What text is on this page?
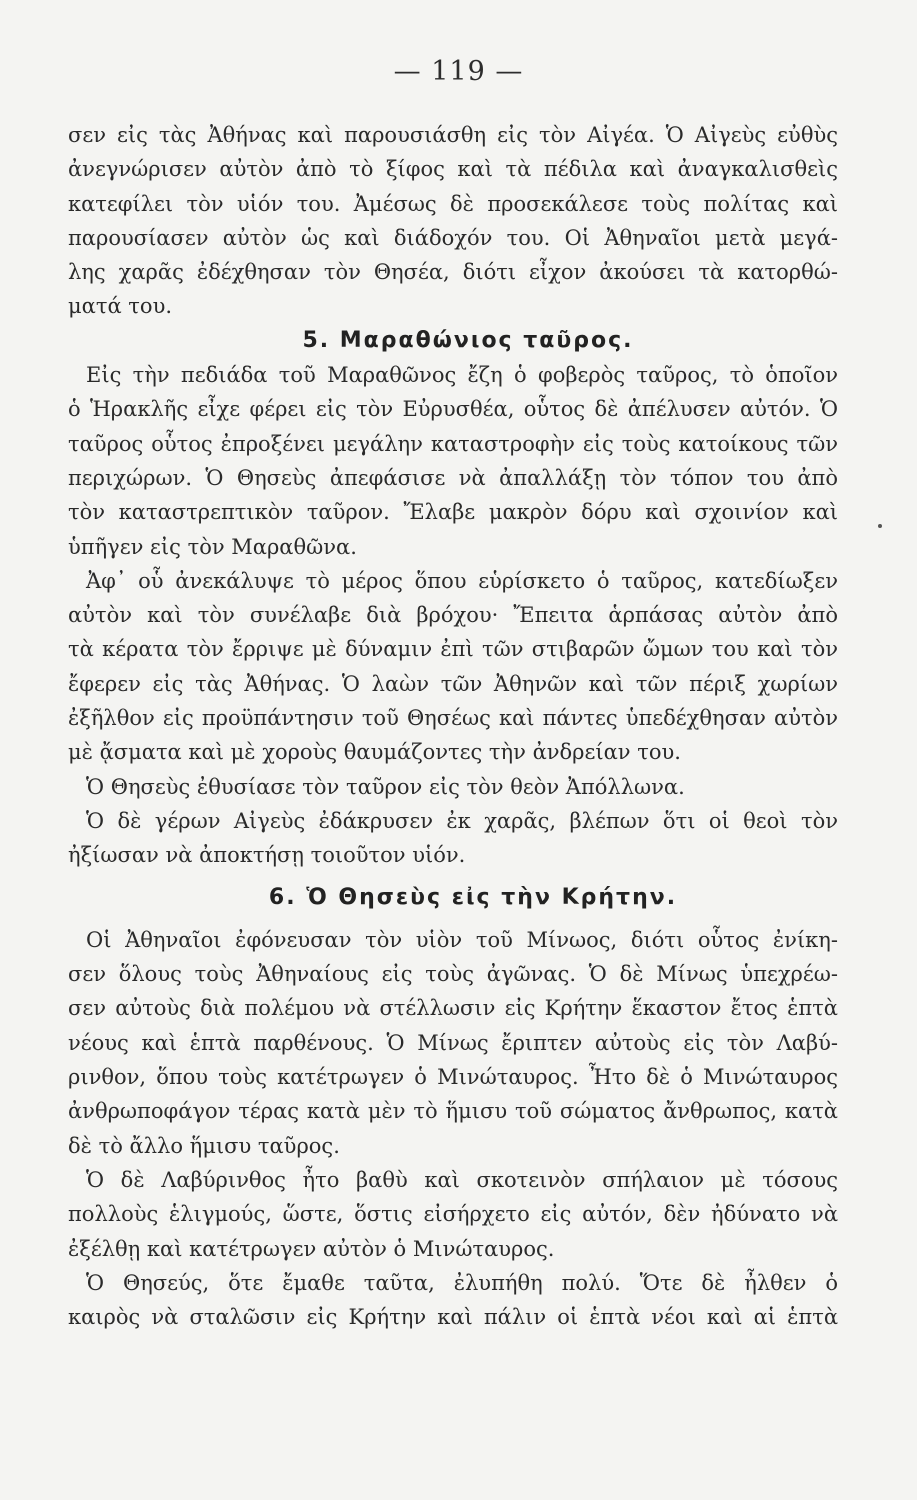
— 119 —
σεν εἰς τὰς Ἀθήνας καὶ παρουσιάσθη εἰς τὸν Αἰγέα. Ὁ Αἰγεὺς εὐθὺς
ἀνεγνώρισεν αὐτὸν ἀπὸ τὸ ξίφος καὶ τὰ πέδιλα καὶ ἀναγκαλισθεὶς
κατεφίλει τὸν υἱόν του. Ἀμέσως δὲ προσεκάλεσε τοὺς πολίτας καὶ
παρουσίασεν αὐτὸν ὡς καὶ διάδοχόν του. Οἱ Ἀθηναῖοι μετὰ μεγά-
λης χαρᾶς ἐδέχθησαν τὸν Θησέα, διότι εἶχον ἀκούσει τὰ κατορθώ-
ματά του.
5. Μαραθώνιος ταῦρος.
Εἰς τὴν πεδιάδα τοῦ Μαραθῶνος ἔζη ὁ φοβερὸς ταῦρος, τὸ ὁποῖον
ὁ Ἡρακλῆς εἶχε φέρει εἰς τὸν Εὐρυσθέα, οὗτος δὲ ἀπέλυσεν αὐτόν. Ὁ
ταῦρος οὗτος ἐπροξένει μεγάλην καταστροφὴν εἰς τοὺς κατοίκους τῶν
περιχώρων. Ὁ Θησεὺς ἀπεφάσισε νὰ ἀπαλλάξῃ τὸν τόπον του ἀπὸ
τὸν καταστρεπτικὸν ταῦρον. Ἔλαβε μακρὸν δόρυ καὶ σχοινίον καὶ
ὑπῆγεν εἰς τὸν Μαραθῶνα.
Ἀφ᾽ οὗ ἀνεκάλυψε τὸ μέρος ὅπου εὑρίσκετο ὁ ταῦρος, κατεδίωξεν
αὐτὸν καὶ τὸν συνέλαβε διὰ βρόχου· Ἔπειτα ἁρπάσας αὐτὸν ἀπὸ
τὰ κέρατα τὸν ἔρριψε μὲ δύναμιν ἐπὶ τῶν στιβαρῶν ὤμων του καὶ τὸν
ἔφερεν εἰς τὰς Ἀθήνας. Ὁ λαὼν τῶν Ἀθηνῶν καὶ τῶν πέριξ χωρίων
ἐξῆλθον εἰς προϋπάντησιν τοῦ Θησέως καὶ πάντες ὑπεδέχθησαν αὐτὸν
μὲ ᾄσματα καὶ μὲ χοροὺς θαυμάζοντες τὴν ἀνδρείαν του.
Ὁ Θησεὺς ἐθυσίασε τὸν ταῦρον εἰς τὸν θεὸν Ἀπόλλωνα.
Ὁ δὲ γέρων Αἰγεὺς ἐδάκρυσεν ἐκ χαρᾶς, βλέπων ὅτι οἱ θεοὶ τὸν
ἠξίωσαν νὰ ἀποκτήσῃ τοιοῦτον υἱόν.
6. Ὁ Θησεὺς εἰς τὴν Κρήτην.
Οἱ Ἀθηναῖοι ἐφόνευσαν τὸν υἱὸν τοῦ Μίνωος, διότι οὗτος ἐνίκη-
σεν ὅλους τοὺς Ἀθηναίους εἰς τοὺς ἀγῶνας. Ὁ δὲ Μίνως ὑπεχρέω-
σεν αὐτοὺς διὰ πολέμου νὰ στέλλωσιν εἰς Κρήτην ἕκαστον ἔτος ἑπτὰ
νέους καὶ ἑπτὰ παρθένους. Ὁ Μίνως ἔριπτεν αὐτοὺς εἰς τὸν Λαβύ-
ρινθον, ὅπου τοὺς κατέτρωγεν ὁ Μινώταυρος. Ἦτο δὲ ὁ Μινώταυρος
ἀνθρωποφάγον τέρας κατὰ μὲν τὸ ἥμισυ τοῦ σώματος ἄνθρωπος, κατὰ
δὲ τὸ ἄλλο ἥμισυ ταῦρος.
Ὁ δὲ Λαβύρινθος ἦτο βαθὺ καὶ σκοτεινὸν σπήλαιον μὲ τόσους
πολλοὺς ἑλιγμούς, ὥστε, ὅστις εἰσήρχετο εἰς αὐτόν, δὲν ἠδύνατο νὰ
ἐξέλθῃ καὶ κατέτρωγεν αὐτὸν ὁ Μινώταυρος.
Ὁ Θησεύς, ὅτε ἔμαθε ταῦτα, ἐλυπήθη πολύ. Ὅτε δὲ ἦλθεν ὁ
καιρὸς νὰ σταλῶσιν εἰς Κρήτην καὶ πάλιν οἱ ἑπτὰ νέοι καὶ αἱ ἑπτὰ
